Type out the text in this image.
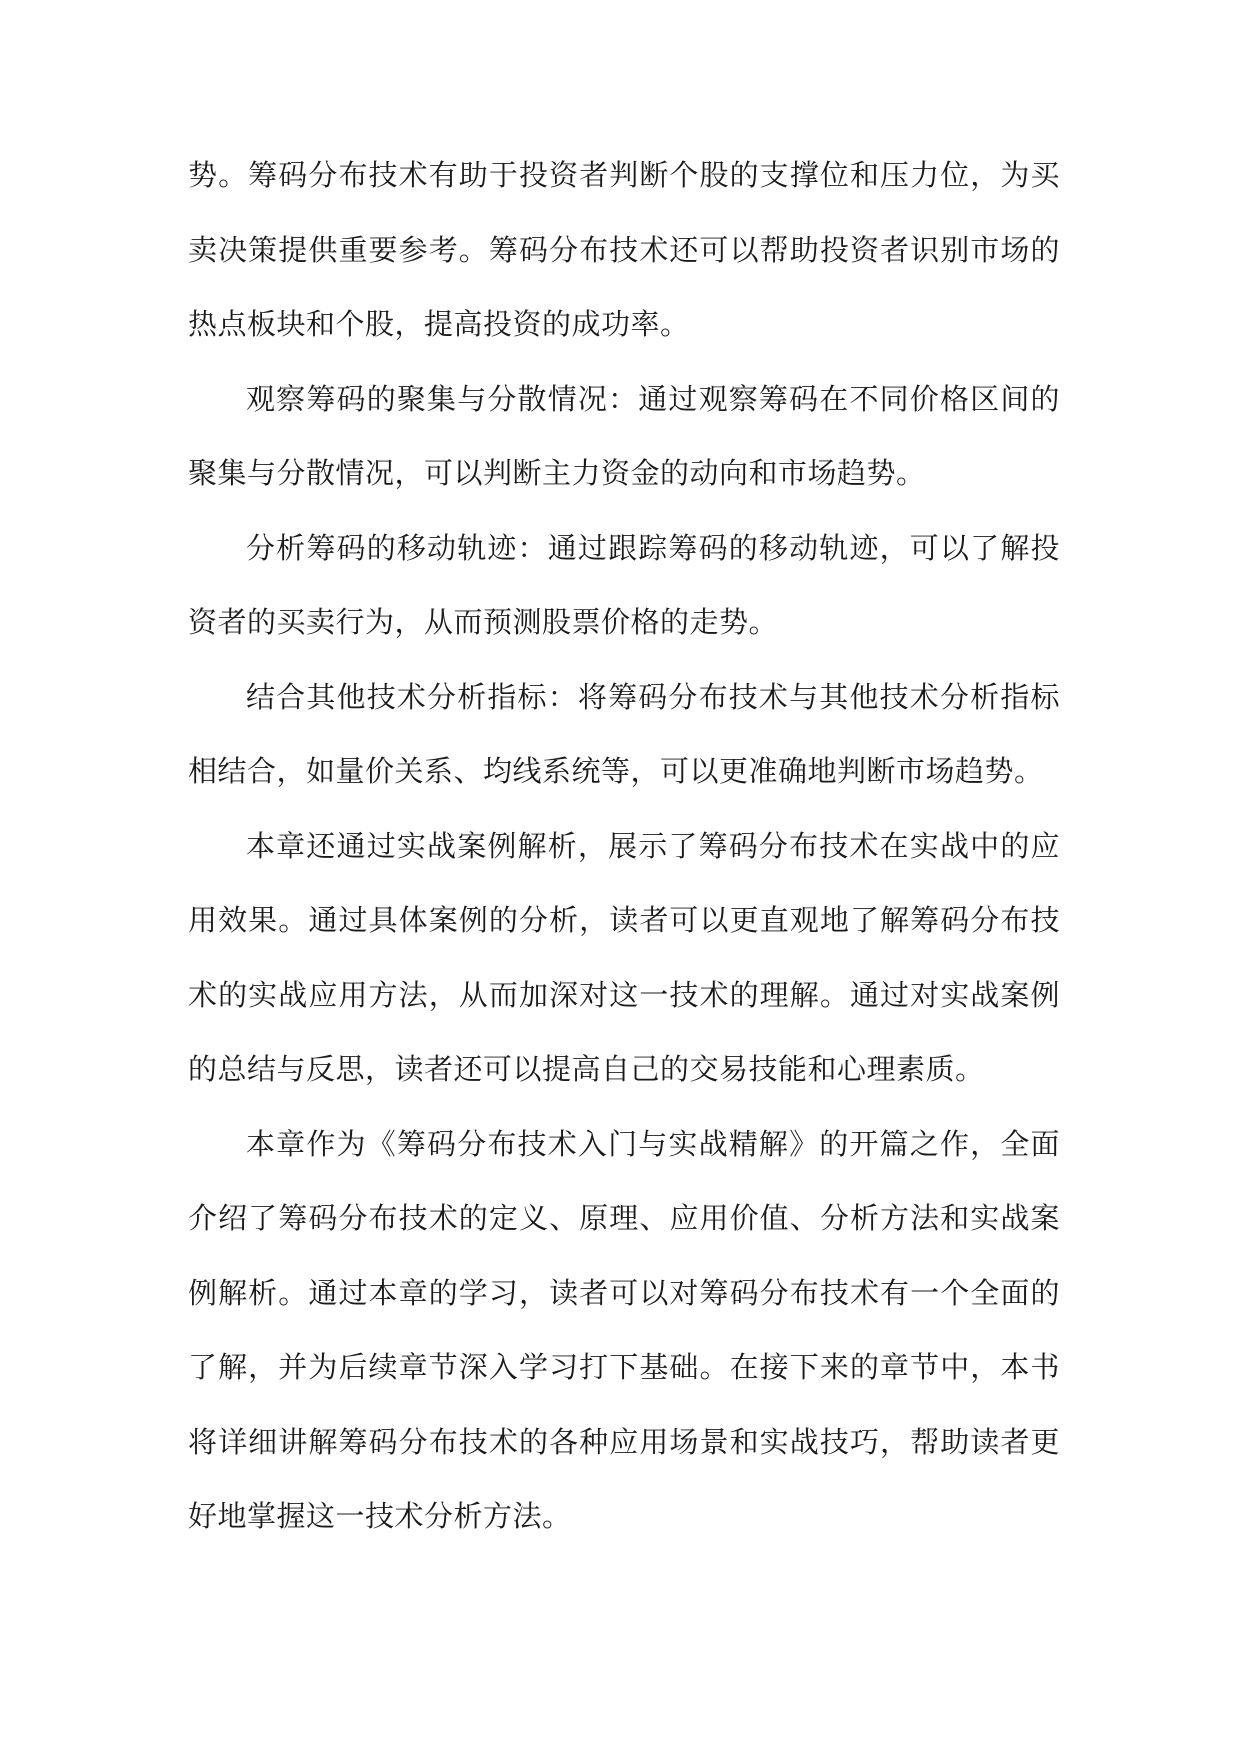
势。筹码分布技术有助于投资者判断个股的支撑位和压力位，为买卖决策提供重要参考。筹码分布技术还可以帮助投资者识别市场的热点板块和个股，提高投资的成功率。

观察筹码的聚集与分散情况：通过观察筹码在不同价格区间的聚集与分散情况，可以判断主力资金的动向和市场趋势。

分析筹码的移动轨迹：通过跟踪筹码的移动轨迹，可以了解投资者的买卖行为，从而预测股票价格的走势。

结合其他技术分析指标：将筹码分布技术与其他技术分析指标相结合，如量价关系、均线系统等，可以更准确地判断市场趋势。

本章还通过实战案例解析，展示了筹码分布技术在实战中的应用效果。通过具体案例的分析，读者可以更直观地了解筹码分布技术的实战应用方法，从而加深对这一技术的理解。通过对实战案例的总结与反思，读者还可以提高自己的交易技能和心理素质。

本章作为《筹码分布技术入门与实战精解》的开篇之作，全面介绍了筹码分布技术的定义、原理、应用价值、分析方法和实战案例解析。通过本章的学习，读者可以对筹码分布技术有一个全面的了解，并为后续章节深入学习打下基础。在接下来的章节中，本书将详细讲解筹码分布技术的各种应用场景和实战技巧，帮助读者更好地掌握这一技术分析方法。
